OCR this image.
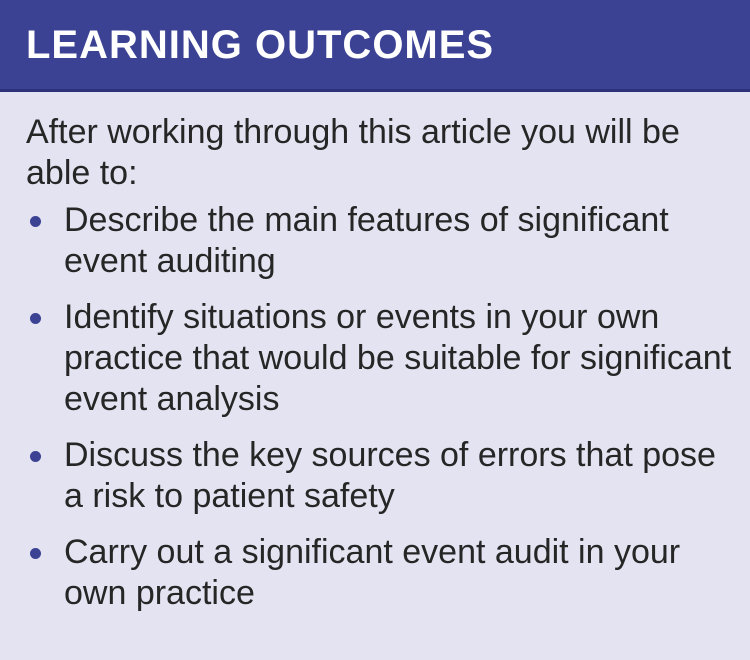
LEARNING OUTCOMES

After working through this article you will be able to:

Describe the main features of significant event auditing
Identify situations or events in your own practice that would be suitable for significant event analysis
Discuss the key sources of errors that pose a risk to patient safety
Carry out a significant event audit in your own practice
